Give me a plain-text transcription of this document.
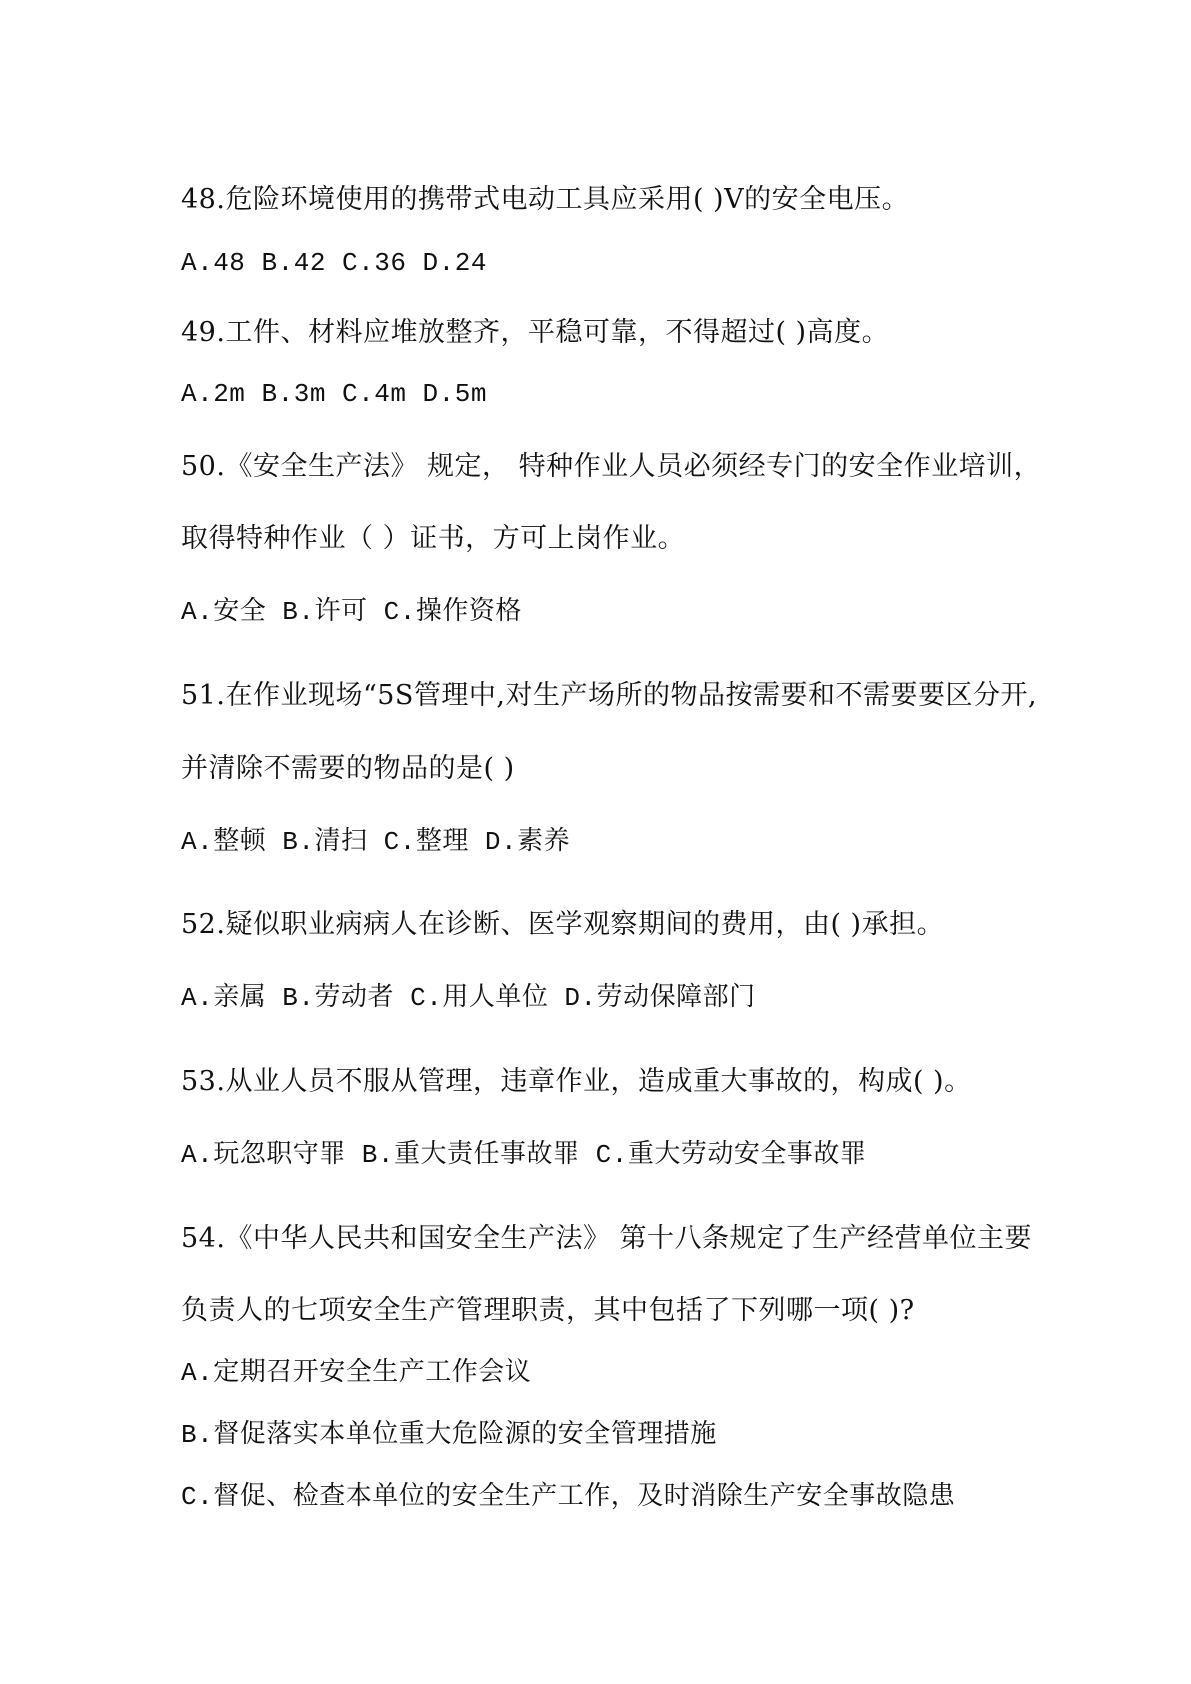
48.危险环境使用的携带式电动工具应采用( )V的安全电压。
A.48 B.42 C.36 D.24
49.工件、材料应堆放整齐，平稳可靠，不得超过( )高度。
A.2m B.3m C.4m D.5m
50.《安全生产法》 规定， 特种作业人员必须经专门的安全作业培训，
取得特种作业（ ）证书，方可上岗作业。
A.安全 B.许可 C.操作资格
51.在作业现场“5S管理中,对生产场所的物品按需要和不需要要区分开,
并清除不需要的物品的是( )
A.整顿 B.清扫 C.整理 D.素养
52.疑似职业病病人在诊断、医学观察期间的费用，由( )承担。
A.亲属 B.劳动者 C.用人单位 D.劳动保障部门
53.从业人员不服从管理，违章作业，造成重大事故的，构成( )。
A.玩忽职守罪 B.重大责任事故罪 C.重大劳动安全事故罪
54.《中华人民共和国安全生产法》 第十八条规定了生产经营单位主要
负责人的七项安全生产管理职责，其中包括了下列哪一项( )?
A.定期召开安全生产工作会议
B.督促落实本单位重大危险源的安全管理措施
C.督促、检查本单位的安全生产工作，及时消除生产安全事故隐患
